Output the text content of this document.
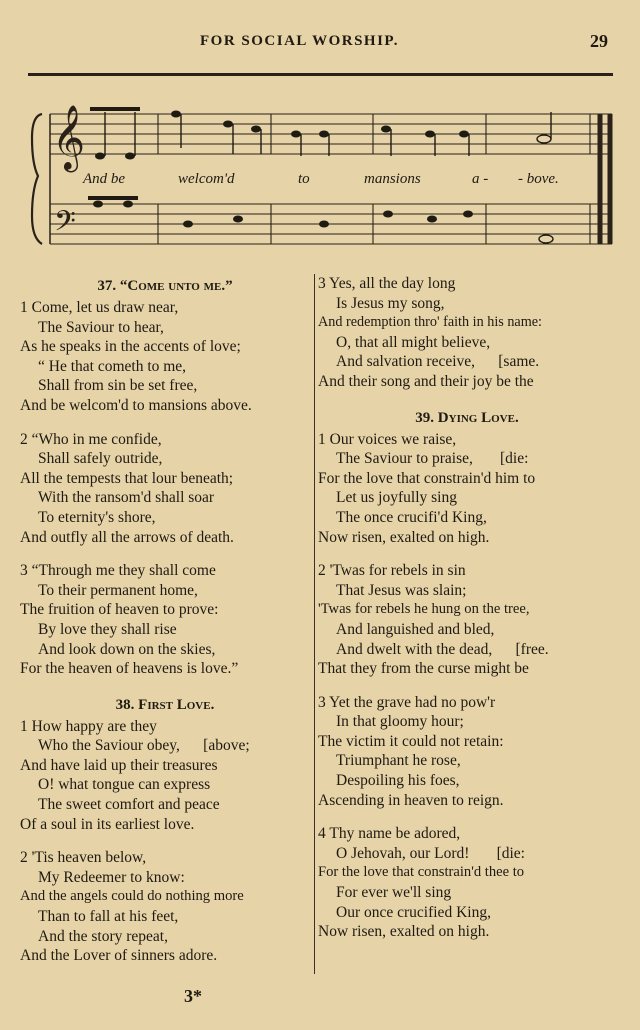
FOR SOCIAL WORSHIP.	29
𝄞
𝄢
And be	welcom'd	to	mansions	a - - bove.
37. “Come unto me.”
1 Come, let us draw near,
The Saviour to hear,
As he speaks in the accents of love;
“ He that cometh to me,
Shall from sin be set free,
And be welcom'd to mansions above.
2 “Who in me confide,
Shall safely outride,
All the tempests that lour beneath;
With the ransom'd shall soar
To eternity's shore,
And outfly all the arrows of death.
3 “Through me they shall come
To their permanent home,
The fruition of heaven to prove:
By love they shall rise
And look down on the skies,
For the heaven of heavens is love.”
38. First Love.
1 How happy are they
Who the Saviour obey,      [above;
And have laid up their treasures
O! what tongue can express
The sweet comfort and peace
Of a soul in its earliest love.
2 'Tis heaven below,
My Redeemer to know:
And the angels could do nothing more
Than to fall at his feet,
And the story repeat,
And the Lover of sinners adore.
3 Yes, all the day long
Is Jesus my song,
And redemption thro' faith in his name:
O, that all might believe,
And salvation receive,      [same.
And their song and their joy be the
39. Dying Love.
1 Our voices we raise,
The Saviour to praise,       [die:
For the love that constrain'd him to
Let us joyfully sing
The once crucifi'd King,
Now risen, exalted on high.
2 'Twas for rebels in sin
That Jesus was slain;
'Twas for rebels he hung on the tree,
And languished and bled,
And dwelt with the dead,      [free.
That they from the curse might be
3 Yet the grave had no pow'r
In that gloomy hour;
The victim it could not retain:
Triumphant he rose,
Despoiling his foes,
Ascending in heaven to reign.
4 Thy name be adored,
O Jehovah, our Lord!       [die:
For the love that constrain'd thee to
For ever we'll sing
Our once crucified King,
Now risen, exalted on high.
3*
